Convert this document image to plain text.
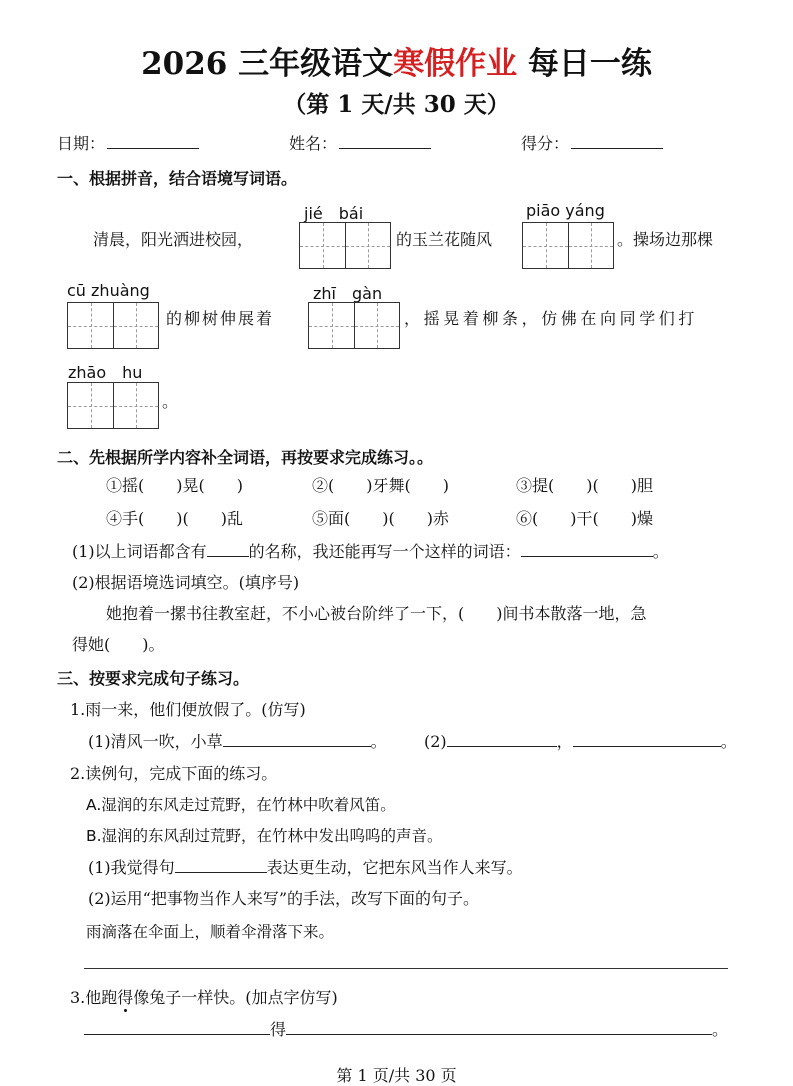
2026 三年级语文寒假作业 每日一练
（第 1 天/共 30 天）
日期：	姓名：	得分：
一、根据拼音，结合语境写词语。
jié　bái	piāo yáng
清晨，阳光洒进校园，	的玉兰花随风	。操场边那棵
cū zhuàng	zhī　gàn
的柳树伸展着	，摇晃着柳条，仿佛在向同学们打
zhāo　hu
。
二、先根据所学内容补全词语，再按要求完成练习。。
①摇(　　)晃(　　)	②(　　)牙舞(　　)	③提(　　)(　　)胆
④手(　　)(　　)乱	⑤面(　　)(　　)赤	⑥(　　)干(　　)燥
(1)以上词语都含有	的名称，我还能再写一个这样的词语：	。
(2)根据语境选词填空。(填序号)
她抱着一摞书往教室赶，不小心被台阶绊了一下，(　　)间书本散落一地，急
得她(　　)。
三、按要求完成句子练习。
1.雨一来，他们便放假了。(仿写)
(1)清风一吹，小草	。 (2)	，	。
2.读例句，完成下面的练习。
A.湿润的东风走过荒野，在竹林中吹着风笛。
B.湿润的东风刮过荒野，在竹林中发出呜呜的声音。
(1)我觉得句	表达更生动，它把东风当作人来写。
(2)运用“把事物当作人来写”的手法，改写下面的句子。
雨滴落在伞面上，顺着伞滑落下来。
3.他跑得像兔子一样快。(加点字仿写)
得	。
第 1 页/共 30 页
